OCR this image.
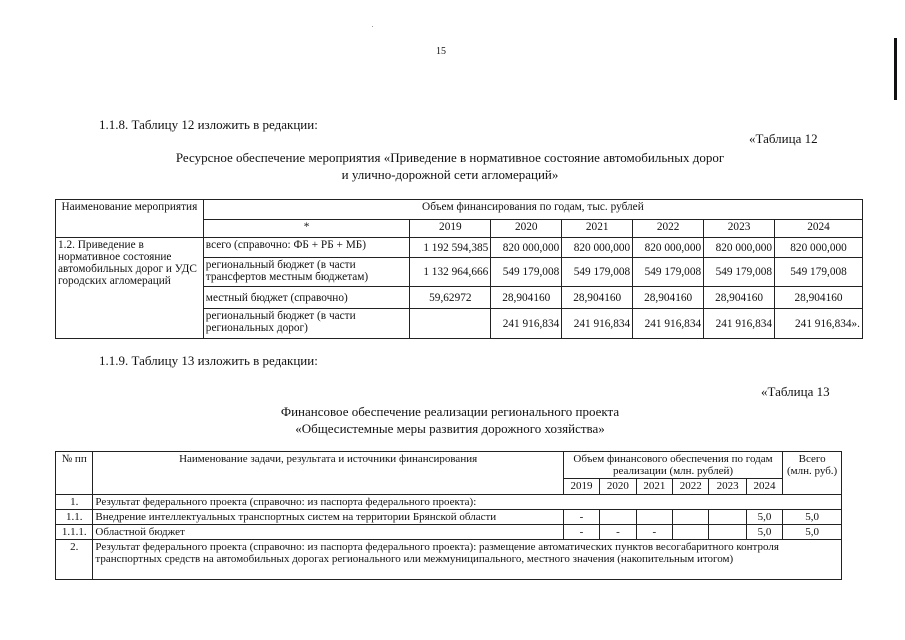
15
1.1.8. Таблицу 12 изложить в редакции:
«Таблица 12
Ресурсное обеспечение мероприятия «Приведение в нормативное состояние автомобильных дорог
и улично-дорожной сети агломераций»
Наименование мероприятия	Объем финансирования по годам, тыс. рублей						
	*	2019	2020	2021	2022	2023	2024
1.2. Приведение в нормативное состояние автомобильных дорог и УДС городских агломераций	всего (справочно: ФБ + РБ + МБ)	1 192 594,385	820 000,000	820 000,000	820 000,000	820 000,000	820 000,000
	региональный бюджет (в части трансфертов местным бюджетам)	1 132 964,666	549 179,008	549 179,008	549 179,008	549 179,008	549 179,008
	местный бюджет (справочно)	59,62972	28,904160	28,904160	28,904160	28,904160	28,904160
	региональный бюджет (в части региональных дорог)		241 916,834	241 916,834	241 916,834	241 916,834	241 916,834».
1.1.9. Таблицу 13 изложить в редакции:
«Таблица 13
Финансовое обеспечение реализации регионального проекта
«Общесистемные меры развития дорожного хозяйства»
№ пп	Наименование задачи, результата и источники финансирования	Объем финансового обеспечения по годам реализации (млн. рублей)						Всего (млн. руб.)
		2019	2020	2021	2022	2023	2024	
1.	Результат федерального проекта (справочно: из паспорта федерального проекта):							
1.1.	Внедрение интеллектуальных транспортных систем на территории Брянской области	-					5,0	5,0
1.1.1.	Областной бюджет	-	-	-			5,0	5,0
2.	Результат федерального проекта (справочно: из паспорта федерального проекта): размещение автоматических пунктов весогабаритного контроля транспортных средств на автомобильных дорогах регионального или межмуниципального, местного значения (накопительным итогом)							
